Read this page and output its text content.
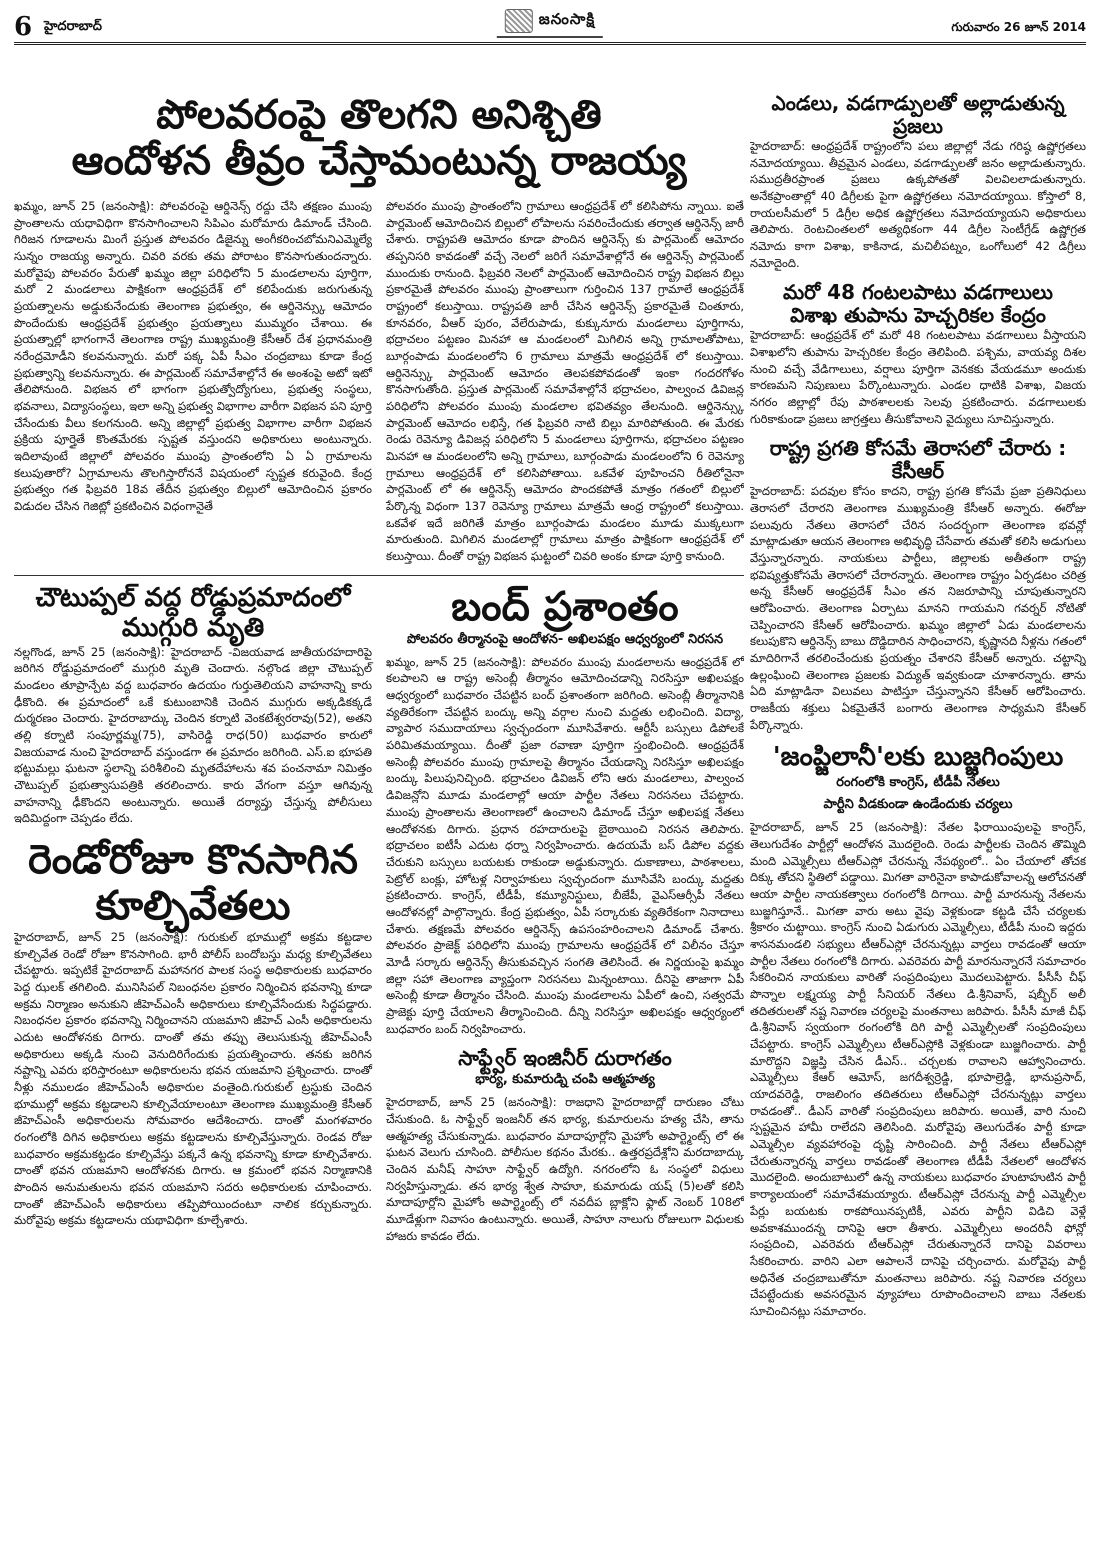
6 హైదరాబాద్	జనంసాక్షి	గురువారం 26 జూన్ 2014
పోలవరంపై తొలగని అనిశ్చితి
ఆందోళన తీవ్రం చేస్తామంటున్న రాజయ్య

ఖమ్మం, జూన్ 25 (జనంసాక్షి): పోలవరంపై ఆర్డినెన్స్ రద్దు చేసి తక్షణం ముంపు ప్రాంతాలను యధావిధిగా కొనసాగించాలని సిపిఎం మరోమారు డిమాండ్ చేసింది. గిరిజన గూడాలను మింగే ప్రస్తుత పోలవరం డిజైన్ను అంగీకరించబోమనిఎమ్మెల్యే సున్నం రాజయ్య అన్నారు. చివరి వరకు తమ పోరాటం కొనసాగుతుందన్నారు. మరోవైపు పోలవరం పేరుతో ఖమ్మం జిల్లా పరిధిలోని 5 మండలాలను పూర్తిగా, మరో 2 మండలాలు పాక్షికంగా ఆంధ్రప్రదేశ్ లో కలిపేందుకు జరుగుతున్న ప్రయత్నాలను అడ్డుకునేందుకు తెలంగాణ ప్రభుత్వం, ఈ ఆర్డినెన్స్కు ఆమోదం పొందేందుకు ఆంధ్రప్రదేశ్ ప్రభుత్వం ప్రయత్నాలు ముమ్మరం చేశాయి. ఈ ప్రయత్నాల్లో భాగంగానే తెలంగాణ రాష్ట్ర ముఖ్యమంత్రి కేసీఆర్ దేశ ప్రధానమంత్రి నరేంద్రమోడీని కలవనున్నారు. మరో పక్క ఏపీ సీఎం చంద్రబాబు కూడా కేంద్ర ప్రభుత్వాన్ని కలవనున్నారు. ఈ పార్లమెంట్ సమావేశాల్లోనే ఈ అంశంపై అటో ఇటో తేలిపోనుంది. విభజన లో భాగంగా ప్రభుత్వోద్యోగులు, ప్రభుత్వ సంస్థలు, భవనాలు, విద్యాసంస్థలు, ఇలా అన్ని ప్రభుత్వ విభాగాల వారీగా విభజన పని పూర్తి చేసేందుకు వీలు కలగనుంది. అన్ని జిల్లాల్లో ప్రభుత్వ విభాగాల వారీగా విభజన ప్రక్రియ పూర్తైతే కొంతమేరకు స్పష్టత వస్తుందని అధికారులు అంటున్నారు. ఇదిలావుంటే జిల్లాలో పోలవరం ముంపు ప్రాంతంలోని ఏ ఏ గ్రామాలను కలుపుతారో? ఏగ్రామాలను తొలగిస్తారోననే విషయంలో స్పష్టత కరువైంది. కేంద్ర ప్రభుత్వం గత ఫిబ్రవరి 18వ తేదీన ప్రభుత్వం బిల్లులో ఆమోదించిన ప్రకారం విడుదల చేసిన గెజిట్లో ప్రకటించిన విధంగానైతే

పోలవరం ముంపు ప్రాంతంలోని గ్రామాలు ఆంధ్రప్రదేశ్ లో కలిసిపోను న్నాయి. ఐతే పార్లమెంట్ ఆమోదించిన బిల్లులో లోపాలను సవరించేందుకు తర్వాత ఆర్డినెన్స్ జారీ చేశారు. రాష్ట్రపతి ఆమోదం కూడా పొందిన ఆర్డినెన్స్ కు పార్లమెంట్ ఆమోదం తప్పనిసరి కావడంతో వచ్చే నెలలో జరిగే సమావేశాల్లోనే ఈ ఆర్డినెన్స్ పార్లమెంట్ ముందుకు రానుంది. ఫిబ్రవరి నెలలో పార్లమెంట్ ఆమోదించిన రాష్ట్ర విభజన బిల్లు ప్రకారమైతే పోలవరం ముంపు ప్రాంతాలుగా గుర్తించిన 137 గ్రామాలే ఆంధ్రప్రదేశ్ రాష్ట్రంలో కలుస్తాయి. రాష్ట్రపతి జారీ చేసిన ఆర్డినెన్స్ ప్రకారమైతే చింతూరు, కూనవరం, వీఆర్ పురం, వేలేరుపాడు, కుక్కునూరు మండలాలు పూర్తిగాను, భద్రాచలం పట్టణం మినహా ఆ మండలంలో మిగిలిన అన్ని గ్రామాలతోపాటు, బూర్గంపాడు మండలంలోని 6 గ్రామాలు మాత్రమే ఆంధ్రప్రదేశ్ లో కలుస్తాయి. ఆర్డినెన్స్కు పార్లమెంట్ ఆమోదం తెలపకపోవడంతో ఇంకా గందరగోళం కొనసాగుతోంది. ప్రస్తుత పార్లమెంట్ సమావేశాల్లోనే భద్రాచలం, పాల్వంచ డివిజన్ల పరిధిలోని పోలవరం ముంపు మండలాల భవితవ్యం తేలనుంది. ఆర్డినెన్స్కు పార్లమెంట్ ఆమోదం లభిస్తే, గత ఫిబ్రవరి నాటి బిల్లు మారిపోతుంది. ఈ మేరకు రెండు రెవెన్యూ డివిజన్ల పరిధిలోని 5 మండలాలు పూర్తిగాను, భద్రాచలం పట్టణం మినహా ఆ మండలంలోని అన్ని గ్రామాలు, బూర్గంపాడు మండలంలోని 6 రెవెన్యూ గ్రామాలు ఆంధ్రప్రదేశ్ లో కలిసిపోతాయి. ఒకవేళ పూహించని రీతిలోనైనా పార్లమెంట్ లో ఈ ఆర్డినెన్స్ ఆమోదం పొందకపోతే మాత్రం గతంలో బిల్లులో పేర్కొన్న విధంగా 137 రెవెన్యూ గ్రామాలు మాత్రమే ఆంధ్ర రాష్ట్రంలో కలుస్తాయి. ఒకవేళ ఇదే జరిగితే మాత్రం బూర్గంపాడు మండలం మూడు ముక్కలుగా మారుతుంది. మిగిలిన మండలాల్లో గ్రామాలు మాత్రం పాక్షికంగా ఆంధ్రప్రదేశ్ లో కలుస్తాయి. దీంతో రాష్ట్ర విభజన ఘట్టంలో చివరి అంకం కూడా పూర్తి కానుంది.

చౌటుప్పల్ వద్ద రోడ్డుప్రమాదంలో
ముగ్గురి మృతి

నల్లగొండ, జూన్ 25 (జనంసాక్షి): హైదరాబాద్ -విజయవాడ జాతీయరహదారిపై జరిగిన రోడ్డుప్రమాదంలో ముగ్గురి మృతి చెందారు. నల్గొండ జిల్లా చౌటుప్పల్ మండలం తూప్రాన్పేట వద్ద బుధవారం ఉదయం గుర్తుతెలియని వాహనాన్ని కారు ఢీకొంది. ఈ ప్రమాదంలో ఒకే కుటుంబానికి చెందిన ముగ్గురు అక్కడికక్కడే దుర్మరణం చెందారు. హైదరాబాద్కు చెందిన కర్నాటి వెంకటేశ్వరరావు(52), అతని తల్లి కర్నాటి సంపూర్ణమ్మ(75), వాసిరెడ్డి రాధ(50) బుధవారం కారులో విజయవాడ నుంచి హైదరాబాద్ వస్తుండగా ఈ ప్రమాదం జరిగింది. ఎస్.ఐ భూపతి భట్టుమల్లు ఘటనా స్థలాన్ని పరిశీలించి మృతదేహాలను శవ పంచనామా నిమిత్తం చౌటుప్పల్ ప్రభుత్వాసుపత్రికి తరలించారు. కారు వేగంగా వస్తూ ఆగివున్న వాహనాన్ని ఢీకొందని అంటున్నారు. అయితే దర్యాప్తు చేస్తున్న పోలీసులు ఇదిమిద్దంగా చెప్పడం లేదు.

రెండోరోజూ కొనసాగిన
కూల్చివేతలు

హైదరాబాద్, జూన్ 25 (జనంసాక్షి): గురుకుల్ భూముల్లో అక్రమ కట్టడాల కూల్చివేత రెండో రోజూ కొనసాగింది. భారీ పోలీస్ బందోబస్తు మధ్య కూల్చివేతలు చేపట్టారు. ఇప్పటికే హైదరాబాద్ మహానగర పాలక సంస్థ అధికారులకు బుధవారం పెద్ద ఝలక్ తగిలింది. మునిసిపల్ నిబంధనల ప్రకారం నిర్మించిన భవనాన్ని కూడా అక్రమ నిర్మాణం అనుకుని జీహెచ్ఎంసీ అధికారులు కూల్చివేసేందుకు సిద్ధపడ్డారు. నిబంధనల ప్రకారం భవనాన్ని నిర్మించానని యజమాని జీహెచ్ ఎంసీ అధికారులను ఎదుట ఆందోళనకు దిగారు. దాంతో తమ తప్పు తెలుసుకున్న జీహెచ్ఎంసీ అధికారులు అక్కడి నుంచి వెనుదిరిగేందుకు ప్రయత్నించారు. తనకు జరిగిన నష్టాన్ని ఎవరు భరిస్తారంటూ అధికారులను భవన యజమాని ప్రశ్నించారు. దాంతో నీళ్లు నములడం జీహెచ్ఎంసీ అధికారుల వంతైంది.గురుకుల్ ట్రస్టుకు చెందిన భూముల్లో అక్రమ కట్టడాలని కూల్చివేయాలంటూ తెలంగాణ ముఖ్యమంత్రి కేసీఆర్ జీహెచ్ఎంసీ అధికారులను సోమవారం ఆదేశించారు. దాంతో మంగళవారం రంగంలోకి దిగిన అధికారులు అక్రమ కట్టడాలను కూల్చివేస్తున్నారు. రెండవ రోజు బుధవారం అక్రమకట్టడం కూల్చివేస్తు పక్కనే ఉన్న భవనాన్ని కూడా కూల్చివేశారు. దాంతో భవన యజమాని ఆందోళనకు దిగారు. ఆ క్రమంలో భవన నిర్మాణానికి పొందిన అనుమతులను భవన యజమాని సదరు అధికారులకు చూపించారు. దాంతో జీహెచ్ఎంసీ అధికారులు తప్పిపోయిందంటూ నాలిక కర్చుకున్నారు. మరోవైపు అక్రమ కట్టడాలను యథావిధిగా కూల్చేశారు.

బంద్ ప్రశాంతం
పోలవరం తీర్మానంపై ఆందోళన- అఖిలపక్షం ఆధ్వర్యంలో నిరసన

ఖమ్మం, జూన్ 25 (జనంసాక్షి): పోలవరం ముంపు మండలాలను ఆంధ్రప్రదేశ్ లో కలపాలని ఆ రాష్ట్ర అసెంబ్లీ తీర్మానం ఆమోదించడాన్ని నిరసిస్తూ అఖిలపక్షం ఆధ్వర్యంలో బుధవారం చేపట్టిన బంద్ ప్రశాంతంగా జరిగింది. అసెంబ్లీ తీర్మానానికి వ్యతిరేకంగా చేపట్టిన బంద్కు అన్ని వర్గాల నుంచి మద్దతు లభించింది. విద్యా, వ్యాపార సముదాయాలు స్వచ్ఛందంగా మూసివేశారు. ఆర్టీసీ బస్సులు డిపోలకే పరిమితమయ్యాయి. దీంతో ప్రజా రవాణా పూర్తిగా స్తంభించింది. ఆంధ్రప్రదేశ్ అసెంబ్లీ పోలవరం ముంపు గ్రామాలపై తీర్మానం చేయడాన్ని నిరసిస్తూ అఖిలపక్షం బంద్కు పిలుపునిచ్చింది. భద్రాచలం డివిజన్ లోని ఆరు మండలాలు, పాల్వంచ డివిజన్లోని మూడు మండలాల్లో ఆయా పార్టీల నేతలు నిరసనలు చేపట్టారు. ముంపు ప్రాంతాలను తెలంగాణలో ఉంచాలని డిమాండ్ చేస్తూ అఖిలపక్ష నేతలు ఆందోళనకు దిగారు. ప్రధాన రహదారులపై బైఠాయించి నిరసన తెలిపారు. భద్రాచలం ఐటీసీ ఎదుట ధర్నా నిర్వహించారు. ఉదయమే బస్ డిపోల వద్దకు చేరుకుని బస్సులు బయటకు రాకుండా అడ్డుకున్నారు. దుకాణాలు, పాఠశాలలు, పెట్రోల్ బంక్లు, హోటళ్ల నిర్వాహకులు స్వచ్ఛందంగా మూసివేసి బంద్కు మద్దతు ప్రకటించారు. కాంగ్రెస్, టీడీపీ, కమ్యూనిస్టులు, బీజేపీ, వైఎస్ఆర్సీపీ నేతలు ఆందోళనల్లో పాల్గొన్నారు. కేంద్ర ప్రభుత్వం, ఏపీ సర్కారుకు వ్యతిరేకంగా నినాదాలు చేశారు. తక్షణమే పోలవరం ఆర్డినెన్స్ ఉపసంహరించాలని డిమాండ్ చేశారు. పోలవరం ప్రాజెక్ట్ పరిధిలోని ముంపు గ్రామాలను ఆంధ్రప్రదేశ్ లో విలీనం చేస్తూ మోడీ సర్కారు ఆర్డినెన్స్ తీసుకువచ్చిన సంగతి తెలిసిందే. ఈ నిర్ణయంపై ఖమ్మం జిల్లా సహా తెలంగాణ వ్యాప్తంగా నిరసనలు మిన్నంటాయి. దీనిపై తాజాగా ఏపీ అసెంబ్లీ కూడా తీర్మానం చేసింది. ముంపు మండలాలను ఏపీలో ఉంచి, సత్వరమే ప్రాజెక్టు పూర్తి చేయాలని తీర్మానించింది. దీన్ని నిరసిస్తూ అఖిలపక్షం ఆధ్వర్యంలో బుధవారం బంద్ నిర్వహించారు.

సాఫ్ట్వేర్ ఇంజినీర్ దురాగతం
భార్య, కుమారుడ్ని చంపి ఆత్మహత్య

హైదరాబాద్, జూన్ 25 (జనంసాక్షి): రాజధాని హైదరాబాద్లో దారుణం చోటు చేసుకుంది. ఓ సాఫ్ట్వేర్ ఇంజనీర్ తన భార్య, కుమారులను హత్య చేసి, తాను ఆత్మహత్య చేసుకున్నాడు. బుధవారం మాదాపూర్లోని మైహోం అపార్ట్మెంట్స్ లో ఈ ఘటన వెలుగు చూసింది. పోలీసుల కథనం మేరకు.. ఉత్తరప్రదేశ్లోని మరదాబాద్కు చెందిన మనీష్ సాహూ సాఫ్ట్వేర్ ఉద్యోగి. నగరంలోని ఓ సంస్థలో విధులు నిర్వహిస్తున్నాడు. తన భార్య శ్వేత సాహూ, కుమారుడు యష్ (5)లతో కలిసి మాదాపూర్లోని మైహోం అపార్ట్మెంట్స్ లో నవదీప బ్లాక్లోని ఫ్లాట్ నెంబర్ 108లో మూడేళ్లుగా నివాసం ఉంటున్నారు. అయితే, సాహూ నాలుగు రోజులుగా విధులకు హాజరు కావడం లేదు.

ఎండలు, వడగాడ్పులతో అల్లాడుతున్న ప్రజలు

హైదరాబాద్: ఆంధ్రప్రదేశ్ రాష్ట్రంలోని పలు జిల్లాల్లో నేడు గరిష్ఠ ఉష్ణోగ్రతలు నమోదయ్యాయి. తీవ్రమైన ఎండలు, వడగాడ్పులతో జనం అల్లాడుతున్నారు. సముద్రతీరప్రాంత ప్రజలు ఉక్కపోతతో విలవిలలాడుతున్నారు. అనేకప్రాంతాల్లో 40 డిగ్రీలకు పైగా ఉష్ణోగ్రతలు నమోదయ్యాయి. కోస్తాలో 8, రాయలసీమలో 5 డిగ్రీల అధిక ఉష్ణోగ్రతలు నమోదయ్యాయని అధికారులు తెలిపారు. రెంటచింతలలో అత్యధికంగా 44 డిగ్రీల సెంటీగ్రేడ్ ఉష్ణోగ్రత నమోదు కాగా విశాఖ, కాకినాడ, మచిలీపట్నం, ఒంగోలులో 42 డిగ్రీలు నమోదైంది.

మరో 48 గంటలపాటు వడగాలులు
విశాఖ తుపాను హెచ్చరికల కేంద్రం

హైదరాబాద్: ఆంధ్రప్రదేశ్ లో మరో 48 గంటలపాటు వడగాలులు వీస్తాయని విశాఖలోని తుపాను హెచ్చరికల కేంద్రం తెలిపింది. పశ్చిమ, వాయవ్య దిశల నుంచి వచ్చే వేడిగాలులు, వర్షాలు పూర్తిగా వెనకకు వేయడమూ అందుకు కారణమని నిపుణులు పేర్కొంటున్నారు. ఎండల ధాటికి విశాఖ, విజయ నగరం జిల్లాల్లో రేపు పాఠశాలలకు సెలవు ప్రకటించారు. వడగాలులకు గురికాకుండా ప్రజలు జాగ్రత్తలు తీసుకోవాలని వైద్యులు సూచిస్తున్నారు.

రాష్ట్ర ప్రగతి కోసమే తెరాసలో చేరారు : కేసీఆర్

హైదరాబాద్: పదవుల కోసం కాదని, రాష్ట్ర ప్రగతి కోసమే ప్రజా ప్రతినిధులు తెరాసలో చేరారని తెలంగాణ ముఖ్యమంత్రి కేసీఆర్ అన్నారు. ఈరోజు పలువురు నేతలు తెరాసలో చేరిన సందర్భంగా తెలంగాణ భవన్లో మాట్లాడుతూ ఆయన తెలంగాణ అభివృద్ధి చేసేవారు తమతో కలిసి అడుగులు వేస్తున్నారన్నారు. నాయకులు పార్టీలు, జిల్లాలకు అతీతంగా రాష్ట్ర భవిష్యత్తుకోసమే తెరాసలో చేరారన్నారు. తెలంగాణ రాష్ట్రం ఏర్పడటం చరిత్ర అన్న కేసీఆర్ ఆంధ్రప్రదేశ్ సీఎం తన నిజరూపాన్ని చూపుతున్నారని ఆరోపించారు. తెలంగాణ ఏర్పాటు మానని గాయమని గవర్నర్ నోటితో చెప్పించారని కేసీఆర్ ఆరోపించారు. ఖమ్మం జిల్లాలో ఏడు మండలాలను కలుపుకొని ఆర్డినెన్స్ బాబు దొడ్డిదారిన సాధించారని, కృష్ణానది నీళ్లను గతంలో మాదిరిగానే తరలించేందుకు ప్రయత్నం చేశారని కేసీఆర్ అన్నారు. చట్టాన్ని ఉల్లంఘించి తెలంగాణ ప్రజలకు విద్యుత్ ఇవ్వకుండా చూశారన్నారు. తాను ఏది మాట్లాడినా విలువలు పాటిస్తూ చేస్తున్నానని కేసీఆర్ ఆరోపించారు. రాజకీయ శక్తులు ఏకమైతేనే బంగారు తెలంగాణ సాధ్యమని కేసీఆర్ పేర్కొన్నారు.

'జంప్జిలానీ'లకు బుజ్జగింపులు
రంగంలోకి కాంగ్రెస్, టీడీపీ నేతలు
పార్టీని వీడకుండా ఉండేందుకు చర్యలు

హైదరాబాద్, జూన్ 25 (జనంసాక్షి): నేతల ఫిరాయింపులపై కాంగ్రెస్, తెలుగుదేశం పార్టీల్లో ఆందోళన మొదలైంది. రెండు పార్టీలకు చెందిన తొమ్మిది మంది ఎమ్మెల్సీలు టీఆర్ఎస్లో చేరనున్న నేపథ్యంలో.. ఏం చేయాలో తోచక దిక్కు తోచని స్థితిలో పడ్డాయి. మిగతా వారినైనా కాపాడుకోవాలన్న ఆలోచనతో ఆయా పార్టీల నాయకత్వాలు రంగంలోకి దిగాయి. పార్టీ మారనున్న నేతలను బుజ్జగిస్తూనే.. మిగతా వారు అటు వైపు వెళ్లకుండా కట్టడి చేసే చర్యలకు శ్రీకారం చుట్టాయి. కాంగ్రెస్ నుంచి ఏడుగురు ఎమ్మెల్సీలు, టీడీపీ నుంచి ఇద్దరు శాసనమండలి సభ్యులు టీఆర్ఎస్లో చేరనున్నట్లు వార్తలు రావడంతో ఆయా పార్టీల నేతలు రంగంలోకి దిగారు. ఎవరెవరు పార్టీ మారనున్నారనే సమాచారం సేకరించిన నాయకులు వారితో సంప్రదింపులు మొదలుపెట్టారు. పీసీసీ చీఫ్ పొన్నాల లక్ష్మయ్య పార్టీ సీనియర్ నేతలు డి.శ్రీనివాస్, షబ్బీర్ అలీ తదితరులతో నష్ట నివారణ చర్యలపై మంతనాలు జరిపారు. పీసీసీ మాజీ చీఫ్ డి.శ్రీనివాస్ స్వయంగా రంగంలోకి దిగి పార్టీ ఎమ్మెల్సీలతో సంప్రదింపులు చేపట్టారు. కాంగ్రెస్ ఎమ్మెల్సీలు టీఆర్ఎస్లోకి వెళ్లకుండా బుజ్జగించారు. పార్టీ మారొద్దని విజ్ఞప్తి చేసిన డీఎస్.. చర్చలకు రావాలని ఆహ్వానించారు. ఎమ్మెల్సీలు కేఆర్ ఆమోస్, జగదీశ్వర్రెడ్డి, భూపాల్రెడ్డి, భానుప్రసాద్, యాదవరెడ్డి, రాజలింగం తదితరులు టీఆర్ఎస్లో చేరనున్నట్లు వార్తలు రావడంతో.. డీఎస్ వారితో సంప్రదింపులు జరిపారు. అయితే, వారి నుంచి స్పష్టమైన హామీ రాలేదని తెలిసింది. మరోవైపు తెలుగుదేశం పార్టీ కూడా ఎమ్మెల్సీల వ్యవహారంపై దృష్టి సారించింది. పార్టీ నేతలు టీఆర్ఎస్లో చేరుతున్నారన్న వార్తలు రావడంతో తెలంగాణ టీడీపీ నేతలలో ఆందోళన మొదలైంది. అందుబాటులో ఉన్న నాయకులు బుధవారం హుటాహుటిన పార్టీ కార్యాలయంలో సమావేశమయ్యారు. టీఆర్ఎస్లో చేరనున్న పార్టీ ఎమ్మెల్సీల పేర్లు బయటకు రాకపోయినప్పటికీ, ఎవరు పార్టీని విడిచి వెళ్లే అవకాశముందన్న దానిపై ఆరా తీశారు. ఎమ్మెల్సీలు అందరినీ ఫోన్లో సంప్రదించి, ఎవరెవరు టీఆర్ఎస్లో చేరుతున్నారనే దానిపై వివరాలు సేకరించారు. వారిని ఎలా ఆపాలనే దానిపై చర్చించారు. మరోవైపు పార్టీ అధినేత చంద్రబాబుతోనూ మంతనాలు జరిపారు. నష్ట నివారణ చర్యలు చేపట్టేందుకు అవసరమైన వ్యూహాలు రూపొందించాలని బాబు నేతలకు సూచించినట్లు సమాచారం.
